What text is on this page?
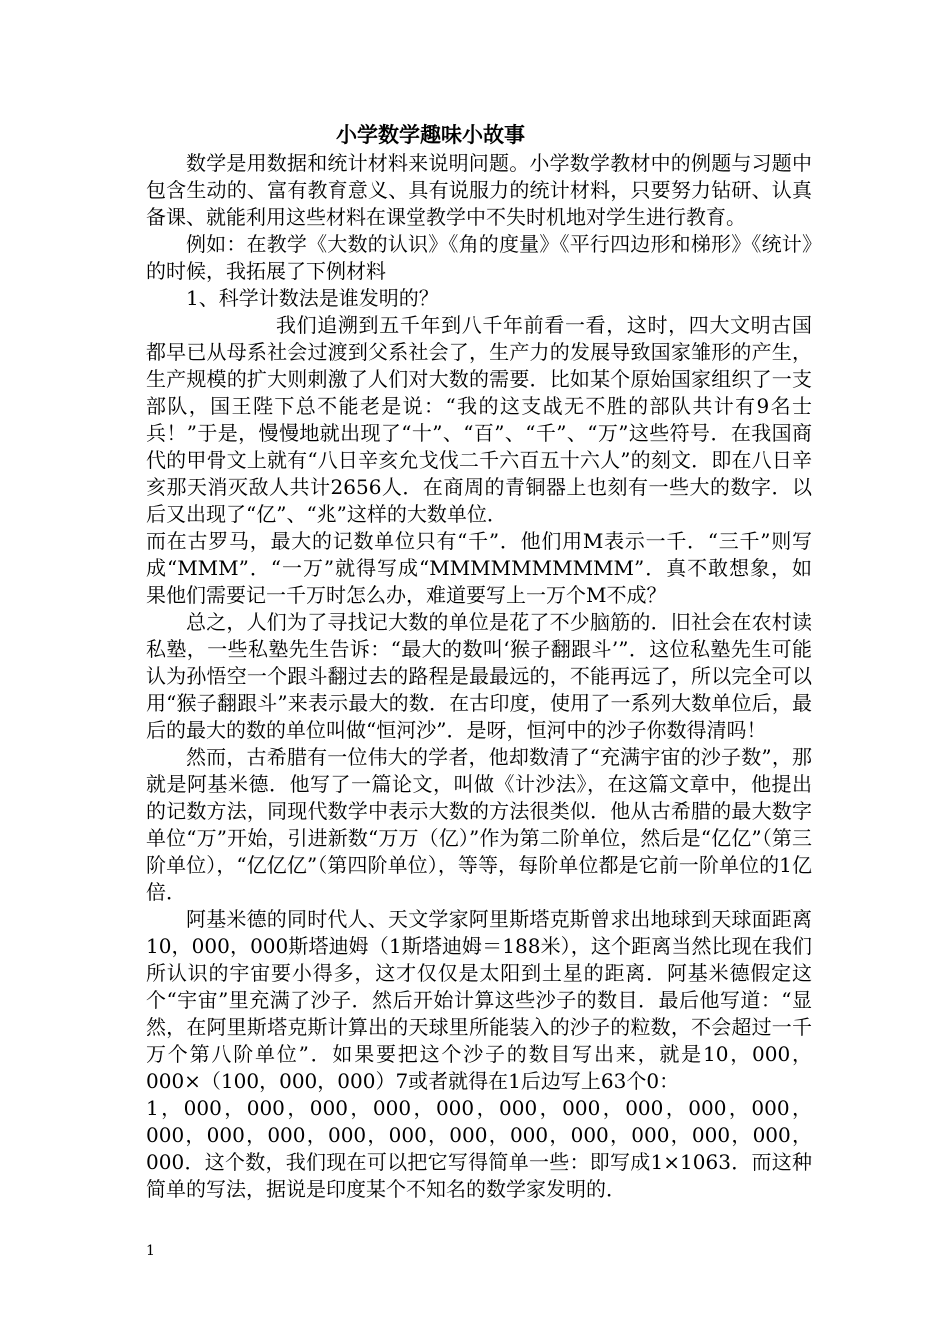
小学数学趣味小故事

数学是用数据和统计材料来说明问题。小学数学教材中的例题与习题中包含生动的、富有教育意义、具有说服力的统计材料，只要努力钻研、认真备课、就能利用这些材料在课堂教学中不失时机地对学生进行教育。

例如：在教学《大数的认识》《角的度量》《平行四边形和梯形》《统计》的时候，我拓展了下例材料

1、科学计数法是谁发明的？

我们追溯到五千年到八千年前看一看，这时，四大文明古国都早已从母系社会过渡到父系社会了，生产力的发展导致国家雏形的产生，生产规模的扩大则刺激了人们对大数的需要．比如某个原始国家组织了一支部队，国王陛下总不能老是说：“我的这支战无不胜的部队共计有9名士兵！”于是，慢慢地就出现了“十”、“百”、“千”、“万”这些符号．在我国商代的甲骨文上就有“八日辛亥允戈伐二千六百五十六人”的刻文．即在八日辛亥那天消灭敌人共计2656人．在商周的青铜器上也刻有一些大的数字．以后又出现了“亿”、“兆”这样的大数单位．

而在古罗马，最大的记数单位只有“千”．他们用M表示一千．“三千”则写成“MMM”．“一万”就得写成“MMMMMMMMMM”．真不敢想象，如果他们需要记一千万时怎么办，难道要写上一万个M不成？

总之，人们为了寻找记大数的单位是花了不少脑筋的．旧社会在农村读私塾，一些私塾先生告诉：“最大的数叫‘猴子翻跟斗’”．这位私塾先生可能认为孙悟空一个跟斗翻过去的路程是最最远的，不能再远了，所以完全可以用“猴子翻跟斗”来表示最大的数．在古印度，使用了一系列大数单位后，最后的最大的数的单位叫做“恒河沙”．是呀，恒河中的沙子你数得清吗！

然而，古希腊有一位伟大的学者，他却数清了“充满宇宙的沙子数”，那就是阿基米德．他写了一篇论文，叫做《计沙法》，在这篇文章中，他提出的记数方法，同现代数学中表示大数的方法很类似．他从古希腊的最大数字单位“万”开始，引进新数“万万（亿）”作为第二阶单位，然后是“亿亿”（第三阶单位），“亿亿亿”（第四阶单位），等等，每阶单位都是它前一阶单位的1亿倍．

阿基米德的同时代人、天文学家阿里斯塔克斯曾求出地球到天球面距离10，000，000斯塔迪姆（1斯塔迪姆＝188米），这个距离当然比现在我们所认识的宇宙要小得多，这才仅仅是太阳到土星的距离．阿基米德假定这个“宇宙”里充满了沙子．然后开始计算这些沙子的数目．最后他写道：“显然，在阿里斯塔克斯计算出的天球里所能装入的沙子的粒数，不会超过一千万个第八阶单位”．如果要把这个沙子的数目写出来，就是10，000，000×（100，000，000）7或者就得在1后边写上63个0：

1，000，000，000，000，000，000，000，000，000，000，000，000，000，000，000，000，000，000，000，000，000，000．这个数，我们现在可以把它写得简单一些：即写成1×1063．而这种简单的写法，据说是印度某个不知名的数学家发明的．

1
